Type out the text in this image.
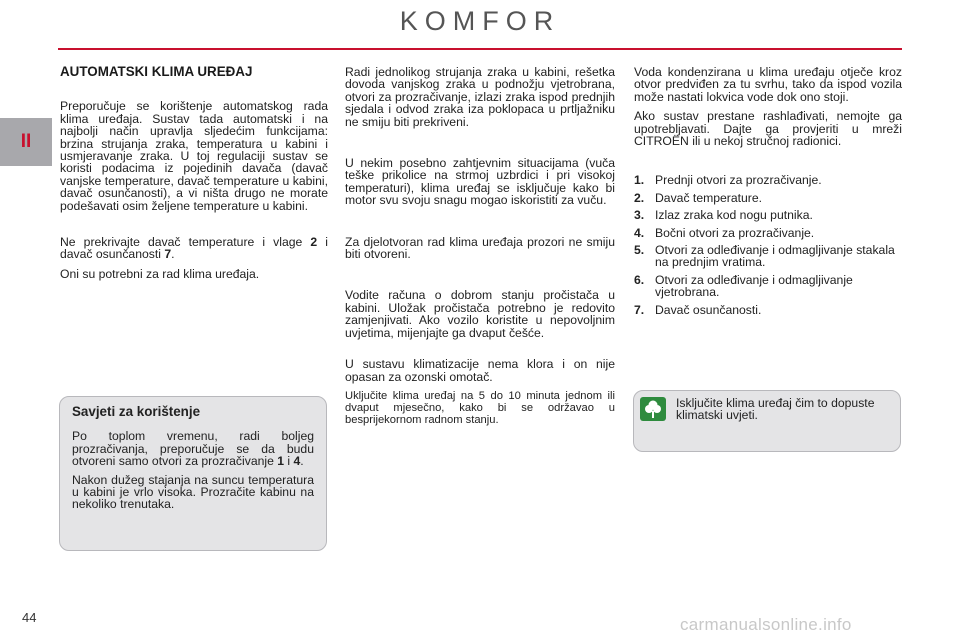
KOMFOR
II
AUTOMATSKI KLIMA UREĐAJ

Preporučuje se korištenje automatskog rada klima uređaja. Sustav tada automatski i na najbolji način upravlja sljedećim funkcijama: brzina strujanja zraka, temperatura u kabini i usmjeravanje zraka. U toj regulaciji sustav se koristi podacima iz pojedinih davača (davač vanjske temperature, davač temperature u kabini, davač osunčanosti), a vi ništa drugo ne morate podešavati osim željene temperature u kabini.

Ne prekrivajte davač temperature i vlage 2 i davač osunčanosti 7.

Oni su potrebni za rad klima uređaja.

Savjeti za korištenje

Po toplom vremenu, radi boljeg prozračivanja, preporučuje se da budu otvoreni samo otvori za prozračivanje 1 i 4.

Nakon dužeg stajanja na suncu temperatura u kabini je vrlo visoka. Prozračite kabinu na nekoliko trenutaka.

Radi jednolikog strujanja zraka u kabini, rešetka dovoda vanjskog zraka u podnožju vjetrobrana, otvori za prozračivanje, izlazi zraka ispod prednjih sjedala i odvod zraka iza poklopaca u prtljažniku ne smiju biti prekriveni.

U nekim posebno zahtjevnim situacijama (vuča teške prikolice na strmoj uzbrdici i pri visokoj temperaturi), klima uređaj se isključuje kako bi motor svu svoju snagu mogao iskoristiti za vuču.

Za djelotvoran rad klima uređaja prozori ne smiju biti otvoreni.

Vodite računa o dobrom stanju pročistača u kabini. Uložak pročistača potrebno je redovito zamjenjivati. Ako vozilo koristite u nepovoljnim uvjetima, mijenjajte ga dvaput češće.

U sustavu klimatizacije nema klora i on nije opasan za ozonski omotač.

Uključite klima uređaj na 5 do 10 minuta jednom ili dvaput mjesečno, kako bi se održavao u besprijekornom radnom stanju.

Voda kondenzirana u klima uređaju otječe kroz otvor predviđen za tu svrhu, tako da ispod vozila može nastati lokvica vode dok ono stoji.

Ako sustav prestane rashlađivati, nemojte ga upotrebljavati. Dajte ga provjeriti u mreži CITROËN ili u nekoj stručnoj radionici.

1. Prednji otvori za prozračivanje.
2. Davač temperature.
3. Izlaz zraka kod nogu putnika.
4. Bočni otvori za prozračivanje.
5. Otvori za odleđivanje i odmagljivanje stakala na prednjim vratima.
6. Otvori za odleđivanje i odmagljivanje vjetrobrana.
7. Davač osunčanosti.
Isključite klima uređaj čim to dopuste klimatski uvjeti.
44	carmanualsonline.info
